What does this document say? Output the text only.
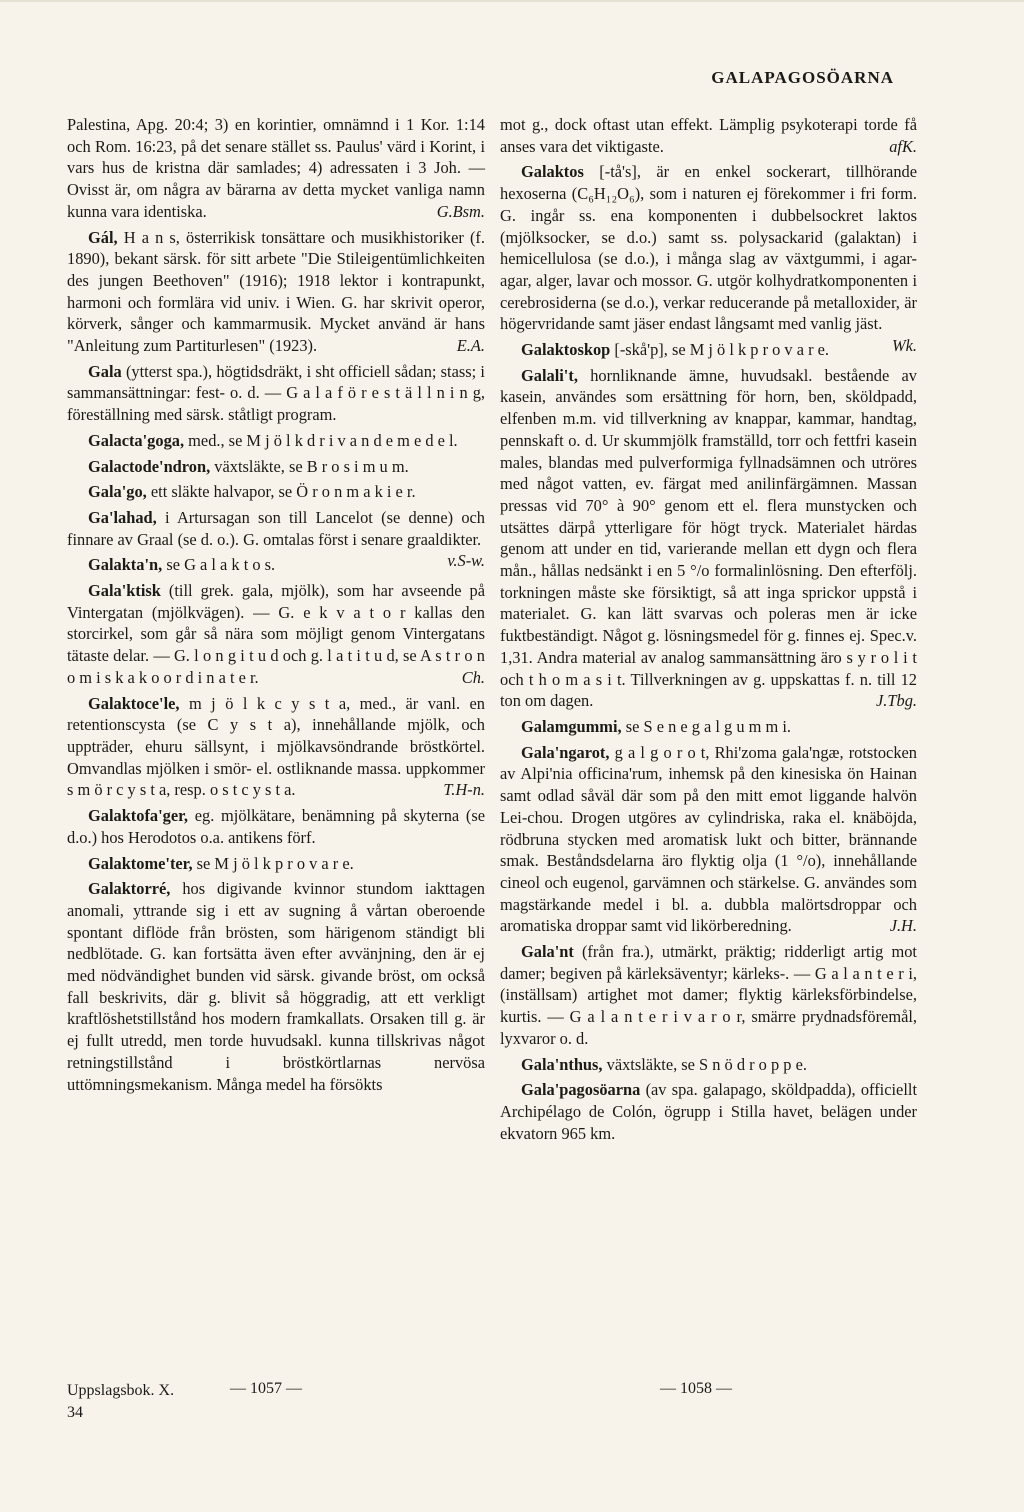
GALAPAGOSÖARNA

Palestina, Apg. 20:4; 3) en korintier, omnämnd i 1 Kor. 1:14 och Rom. 16:23, på det senare stället ss. Paulus' värd i Korint, i vars hus de kristna där samlades; 4) adressaten i 3 Joh. — Ovisst är, om några av bärarna av detta mycket vanliga namn kunna vara identiska.	G.Bsm.

Gál, H a n s, österrikisk tonsättare och musikhistoriker (f. 1890), bekant särsk. för sitt arbete "Die Stileigentümlichkeiten des jungen Beethoven" (1916); 1918 lektor i kontrapunkt, harmoni och formlära vid univ. i Wien. G. har skrivit operor, körverk, sånger och kammarmusik. Mycket använd är hans "Anleitung zum Partiturlesen" (1923).	E.A.

Gala (ytterst spa.), högtidsdräkt, i sht officiell sådan; stass; i sammansättningar: fest- o. d. — G a l a f ö r e s t ä l l n i n g, föreställning med särsk. ståtligt program.

Galacta'goga, med., se M j ö l k d r i v a n d e m e d e l.

Galactode'ndron, växtsläkte, se B r o s i m u m.

Gala'go, ett släkte halvapor, se Ö r o n m a k i e r.

Ga'lahad, i Artursagan son till Lancelot (se denne) och finnare av Graal (se d. o.). G. omtalas först i senare graaldikter.
v.S-w.

Galakta'n, se G a l a k t o s.

Gala'ktisk (till grek. gala, mjölk), som har avseende på Vintergatan (mjölkvägen). — G. e k v a t o r kallas den storcirkel, som går så nära som möjligt genom Vintergatans tätaste delar. — G. l o n g i t u d och g. l a t i t u d, se A s t r o n o m i s k a k o o r d i n a t e r.	Ch.

Galaktoce'le, m j ö l k c y s t a, med., är vanl. en retentionscysta (se C y s t a), innehållande mjölk, och uppträder, ehuru sällsynt, i mjölkavsöndrande bröstkörtel. Omvandlas mjölken i smör- el. ostliknande massa. uppkommer s m ö r c y s t a, resp. o s t c y s t a.	T.H-n.

Galaktofa'ger, eg. mjölkätare, benämning på skyterna (se d.o.) hos Herodotos o.a. antikens förf.

Galaktome'ter, se M j ö l k p r o v a r e.

Galaktorré, hos digivande kvinnor stundom iakttagen anomali, yttrande sig i ett av sugning å vårtan oberoende spontant diflöde från brösten, som härigenom ständigt bli nedblötade. G. kan fortsätta även efter avvänjning, den är ej med nödvändighet bunden vid särsk. givande bröst, om också fall beskrivits, där g. blivit så höggradig, att ett verkligt kraftlöshetstillstånd hos modern framkallats. Orsaken till g. är ej fullt utredd, men torde huvudsakl. kunna tillskrivas något retningstillstånd i bröstkörtlarnas nervösa uttömningsmekanism. Många medel ha försökts

mot g., dock oftast utan effekt. Lämplig psykoterapi torde få anses vara det viktigaste.	afK.

Galaktos [-tå's], är en enkel sockerart, tillhörande hexoserna (C₆H₁₂O₆), som i naturen ej förekommer i fri form. G. ingår ss. ena komponenten i dubbelsockret laktos (mjölksocker, se d.o.) samt ss. polysackarid (galaktan) i hemicellulosa (se d.o.), i många slag av växtgummi, i agar-agar, alger, lavar och mossor. G. utgör kolhydratkomponenten i cerebrosiderna (se d.o.), verkar reducerande på metalloxider, är högervridande samt jäser endast långsamt med vanlig jäst.
Wk.

Galaktoskop [-skå'p], se M j ö l k p r o v a r e.

Galali't, hornliknande ämne, huvudsakl. bestående av kasein, användes som ersättning för horn, ben, sköldpadd, elfenben m.m. vid tillverkning av knappar, kammar, handtag, pennskaft o. d. Ur skummjölk framställd, torr och fettfri kasein males, blandas med pulverformiga fyllnadsämnen och utröres med något vatten, ev. färgat med anilinfärgämnen. Massan pressas vid 70° à 90° genom ett el. flera munstycken och utsättes därpå ytterligare för högt tryck. Materialet härdas genom att under en tid, varierande mellan ett dygn och flera mån., hållas nedsänkt i en 5 °/o formalinlösning. Den efterfölj. torkningen måste ske försiktigt, så att inga sprickor uppstå i materialet. G. kan lätt svarvas och poleras men är icke fuktbeständigt. Något g. lösningsmedel för g. finnes ej. Spec.v. 1,31. Andra material av analog sammansättning äro s y r o l i t och t h o m a s i t. Tillverkningen av g. uppskattas f. n. till 12 ton om dagen.	J.Tbg.

Galamgummi, se S e n e g a l g u m m i.

Gala'ngarot, g a l g o r o t, Rhi'zoma gala'ngæ, rotstocken av Alpi'nia officina'rum, inhemsk på den kinesiska ön Hainan samt odlad såväl där som på den mitt emot liggande halvön Lei-chou. Drogen utgöres av cylindriska, raka el. knäböjda, rödbruna stycken med aromatisk lukt och bitter, brännande smak. Beståndsdelarna äro flyktig olja (1 °/o), innehållande cineol och eugenol, garvämnen och stärkelse. G. användes som magstärkande medel i bl. a. dubbla malörtsdroppar och aromatiska droppar samt vid likörberedning.	J.H.

Gala'nt (från fra.), utmärkt, präktig; ridderligt artig mot damer; begiven på kärleksäventyr; kärleks-. — G a l a n t e r i, (inställsam) artighet mot damer; flyktig kärleksförbindelse, kurtis. — G a l a n t e r i v a r o r, smärre prydnadsföremål, lyxvaror o. d.

Gala'nthus, växtsläkte, se S n ö d r o p p e.

Gala'pagosöarna (av spa. galapago, sköldpadda), officiellt Archipélago de Colón, ögrupp i Stilla havet, belägen under ekvatorn 965 km.

Uppslagsbok. X.
34
— 1057 —	— 1058 —
